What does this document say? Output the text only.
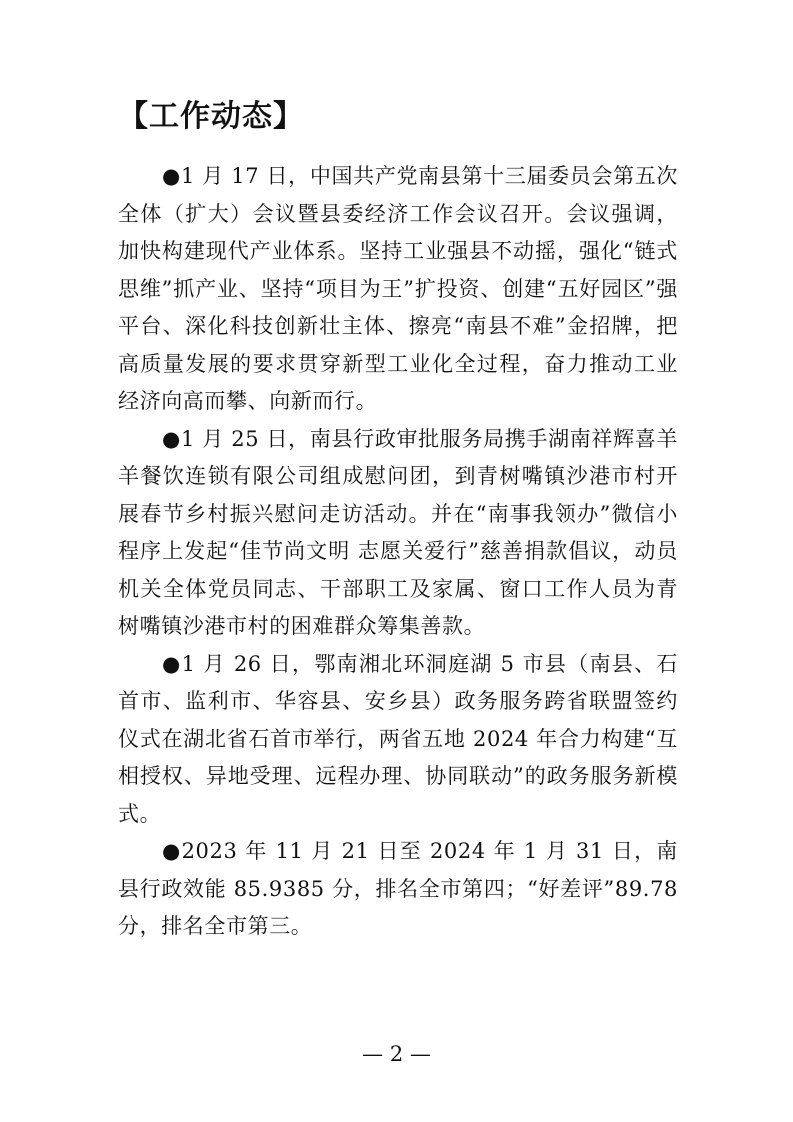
【工作动态】

●1 月 17 日，中国共产党南县第十三届委员会第五次全体（扩大）会议暨县委经济工作会议召开。会议强调，加快构建现代产业体系。坚持工业强县不动摇，强化“链式思维”抓产业、坚持“项目为王”扩投资、创建“五好园区”强平台、深化科技创新壮主体、擦亮“南县不难”金招牌，把高质量发展的要求贯穿新型工业化全过程，奋力推动工业经济向高而攀、向新而行。

●1 月 25 日，南县行政审批服务局携手湖南祥辉喜羊羊餐饮连锁有限公司组成慰问团，到青树嘴镇沙港市村开展春节乡村振兴慰问走访活动。并在“南事我领办”微信小程序上发起“佳节尚文明 志愿关爱行”慈善捐款倡议，动员机关全体党员同志、干部职工及家属、窗口工作人员为青树嘴镇沙港市村的困难群众筹集善款。

●1 月 26 日，鄂南湘北环洞庭湖 5 市县（南县、石首市、监利市、华容县、安乡县）政务服务跨省联盟签约仪式在湖北省石首市举行，两省五地 2024 年合力构建“互相授权、异地受理、远程办理、协同联动”的政务服务新模式。

●2023 年 11 月 21 日至 2024 年 1 月 31 日，南县行政效能 85.9385 分，排名全市第四；“好差评”89.78 分，排名全市第三。

— 2 —
